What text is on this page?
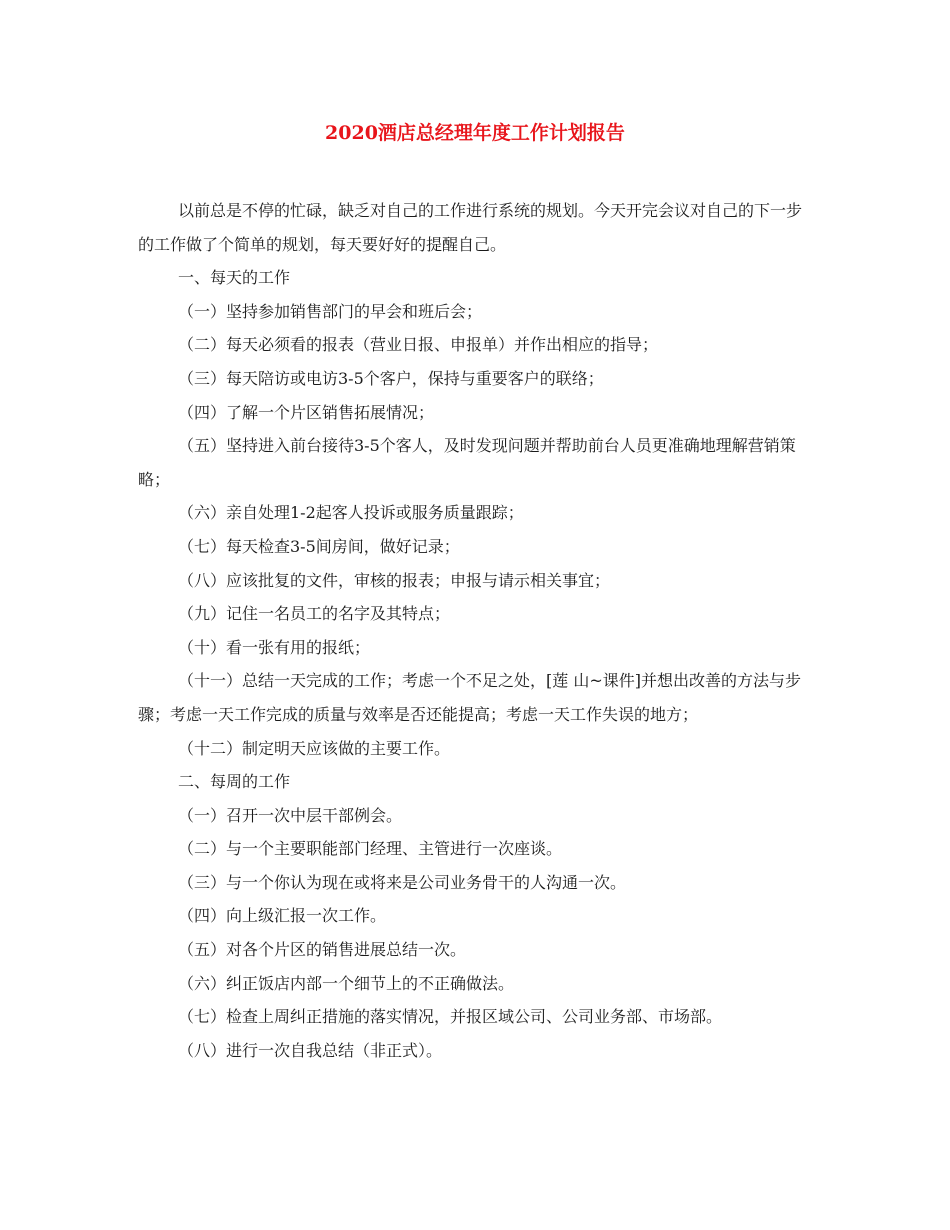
2020酒店总经理年度工作计划报告

以前总是不停的忙碌，缺乏对自己的工作进行系统的规划。今天开完会议对自己的下一步的工作做了个简单的规划，每天要好好的提醒自己。

一、每天的工作

（一）坚持参加销售部门的早会和班后会；

（二）每天必须看的报表（营业日报、申报单）并作出相应的指导；

（三）每天陪访或电访3-5个客户，保持与重要客户的联络；

（四）了解一个片区销售拓展情况；

（五）坚持进入前台接待3-5个客人，及时发现问题并帮助前台人员更准确地理解营销策略；

（六）亲自处理1-2起客人投诉或服务质量跟踪；

（七）每天检查3-5间房间，做好记录；

（八）应该批复的文件，审核的报表；申报与请示相关事宜；

（九）记住一名员工的名字及其特点；

（十）看一张有用的报纸；

（十一）总结一天完成的工作；考虑一个不足之处，[莲 山~课件]并想出改善的方法与步骤；考虑一天工作完成的质量与效率是否还能提高；考虑一天工作失误的地方；

（十二）制定明天应该做的主要工作。

二、每周的工作

（一）召开一次中层干部例会。

（二）与一个主要职能部门经理、主管进行一次座谈。

（三）与一个你认为现在或将来是公司业务骨干的人沟通一次。

（四）向上级汇报一次工作。

（五）对各个片区的销售进展总结一次。

（六）纠正饭店内部一个细节上的不正确做法。

（七）检查上周纠正措施的落实情况，并报区域公司、公司业务部、市场部。

（八）进行一次自我总结（非正式）。
